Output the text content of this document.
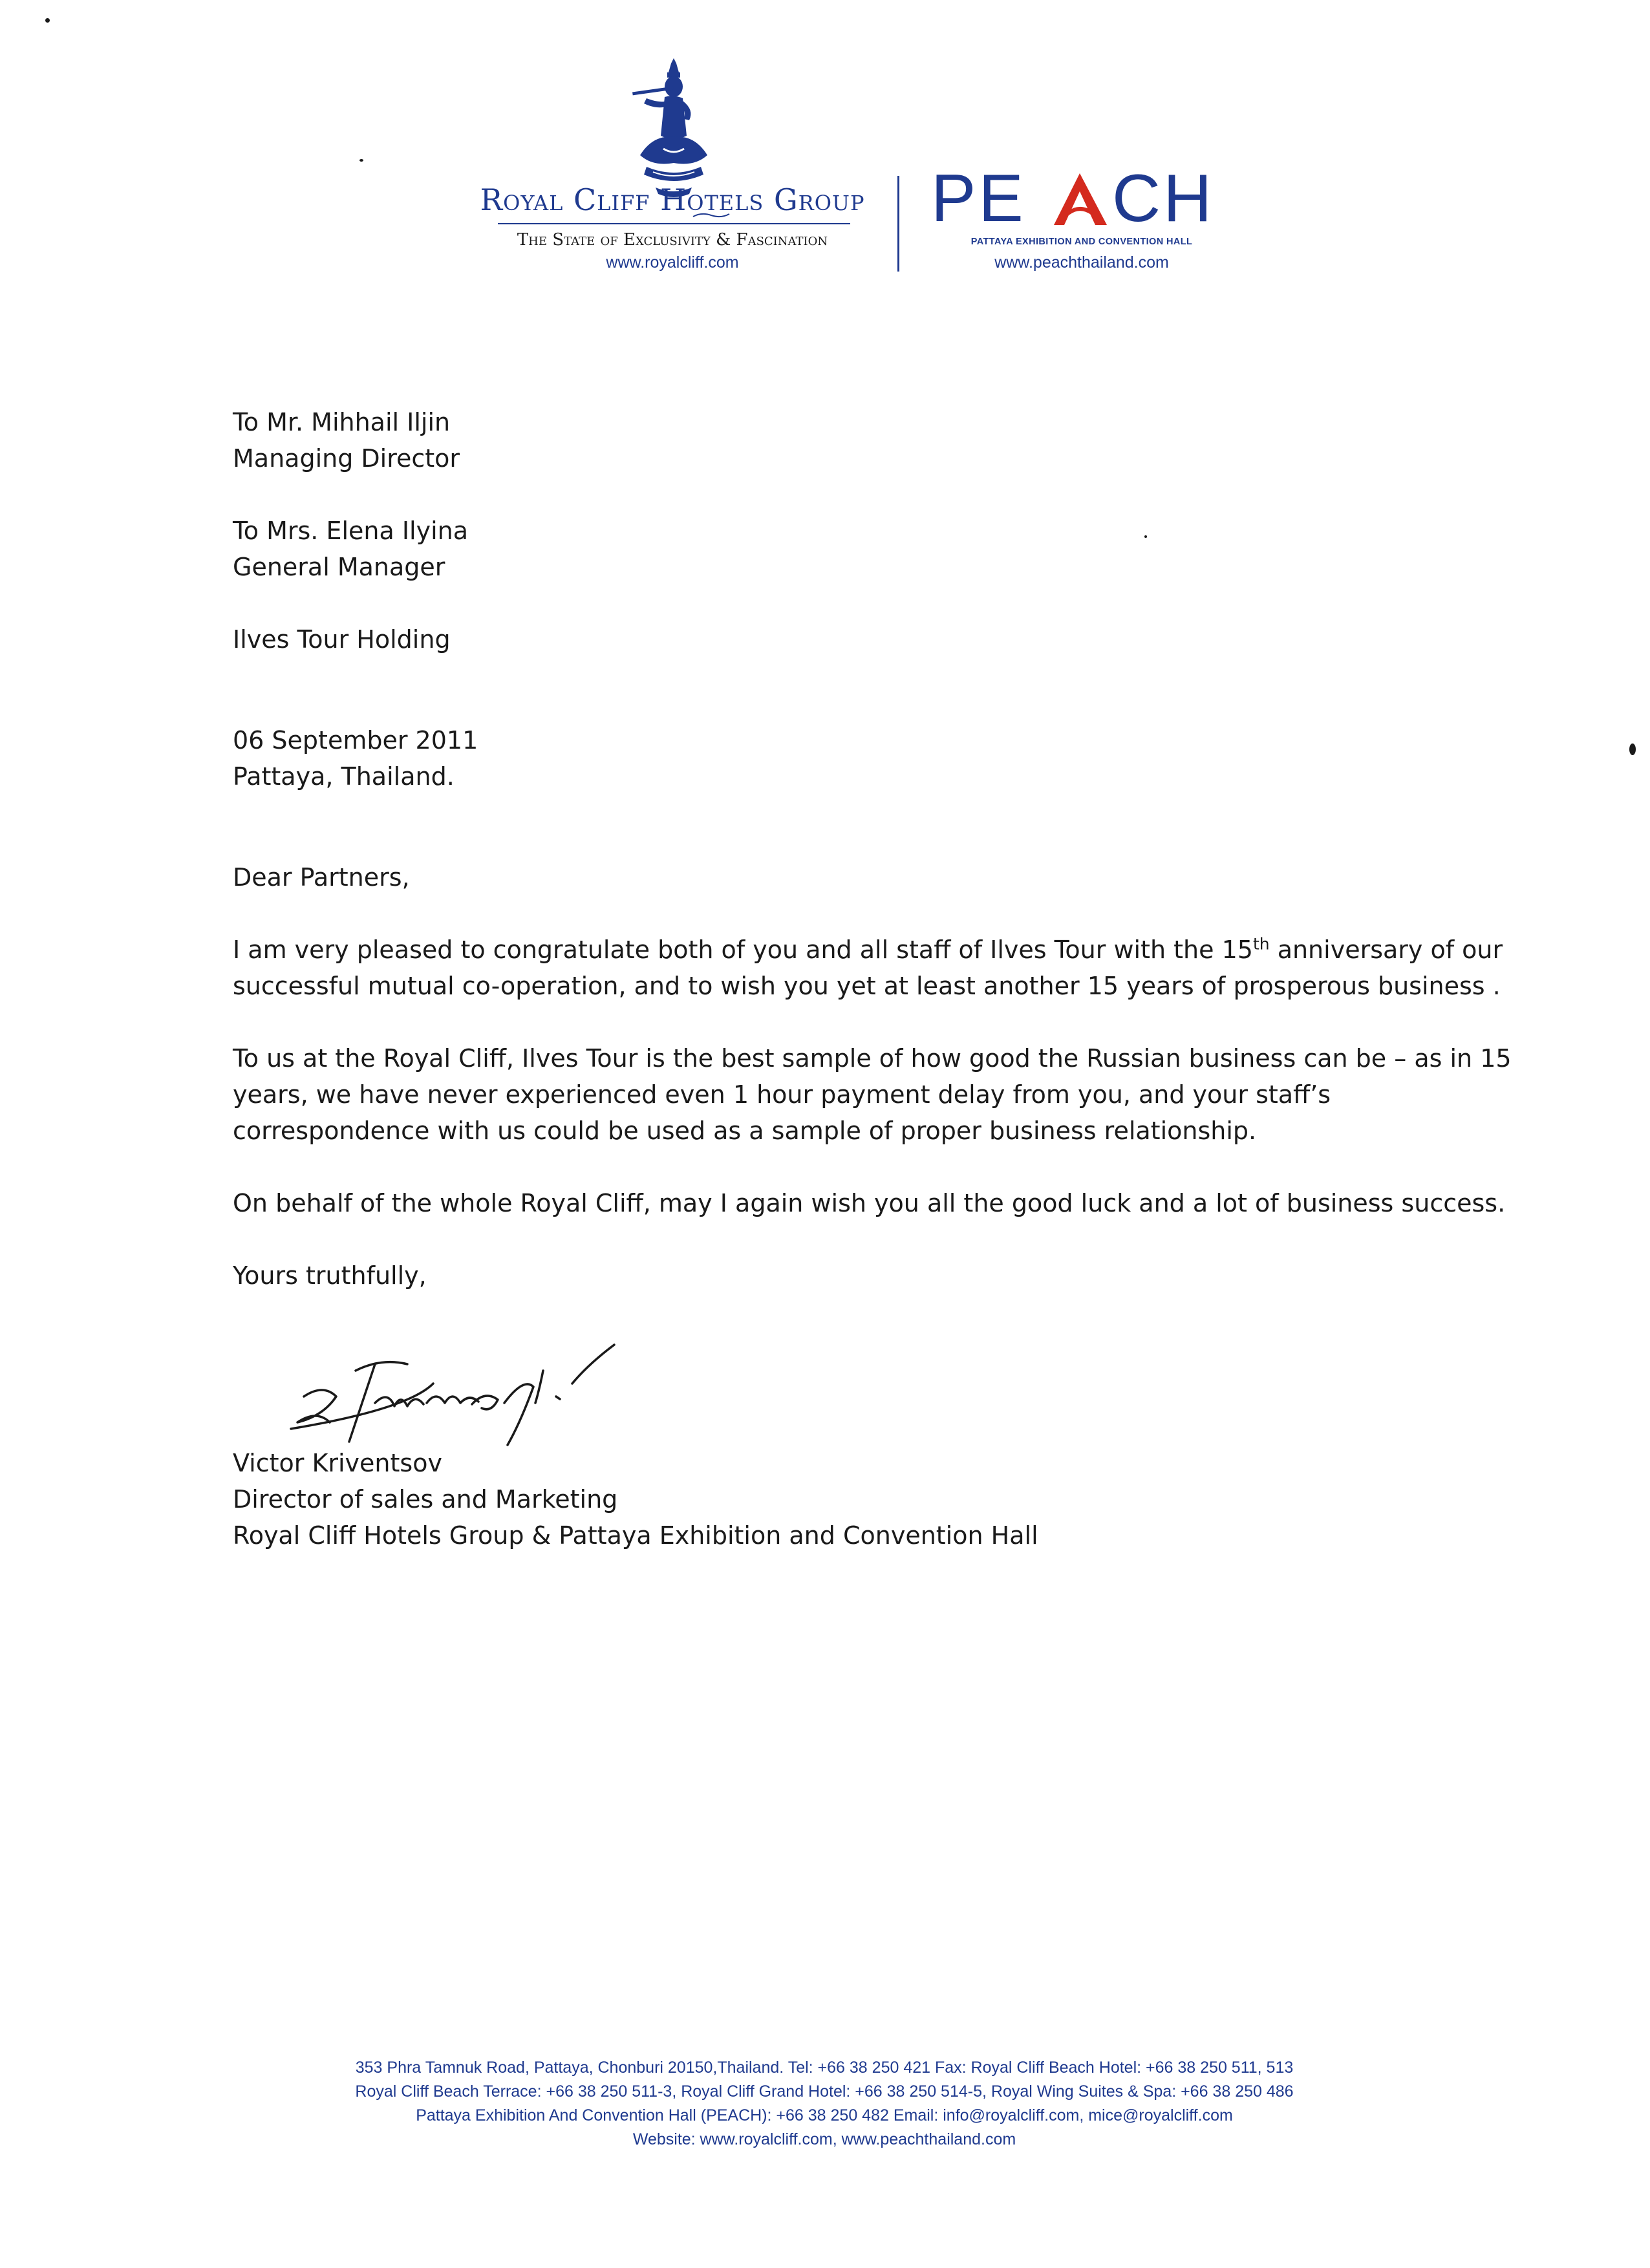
Royal Cliff Hotels Group
The State of Exclusivity & Fascination
www.royalcliff.com
PE CH
PATTAYA EXHIBITION AND CONVENTION HALL
www.peachthailand.com
To Mr. Mihhail Iljin
Managing Director
To Mrs. Elena Ilyina
General Manager
Ilves Tour Holding
06 September 2011
Pattaya, Thailand.
Dear Partners,
I am very pleased to congratulate both of you and all staff of Ilves Tour with the 15th anniversary of our
successful mutual co-operation, and to wish you yet at least another 15 years of prosperous business .
To us at the Royal Cliff, Ilves Tour is the best sample of how good the Russian business can be – as in 15
years, we have never experienced even 1 hour payment delay from you, and your staff’s
correspondence with us could be used as a sample of proper business relationship.
On behalf of the whole Royal Cliff, may I again wish you all the good luck and a lot of business success.
Yours truthfully,
Victor Kriventsov
Director of sales and Marketing
Royal Cliff Hotels Group & Pattaya Exhibition and Convention Hall
353 Phra Tamnuk Road, Pattaya, Chonburi 20150,Thailand. Tel: +66 38 250 421 Fax: Royal Cliff Beach Hotel: +66 38 250 511, 513
Royal Cliff Beach Terrace: +66 38 250 511-3, Royal Cliff Grand Hotel: +66 38 250 514-5, Royal Wing Suites & Spa: +66 38 250 486
Pattaya Exhibition And Convention Hall (PEACH): +66 38 250 482 Email: info@royalcliff.com, mice@royalcliff.com
Website: www.royalcliff.com, www.peachthailand.com
